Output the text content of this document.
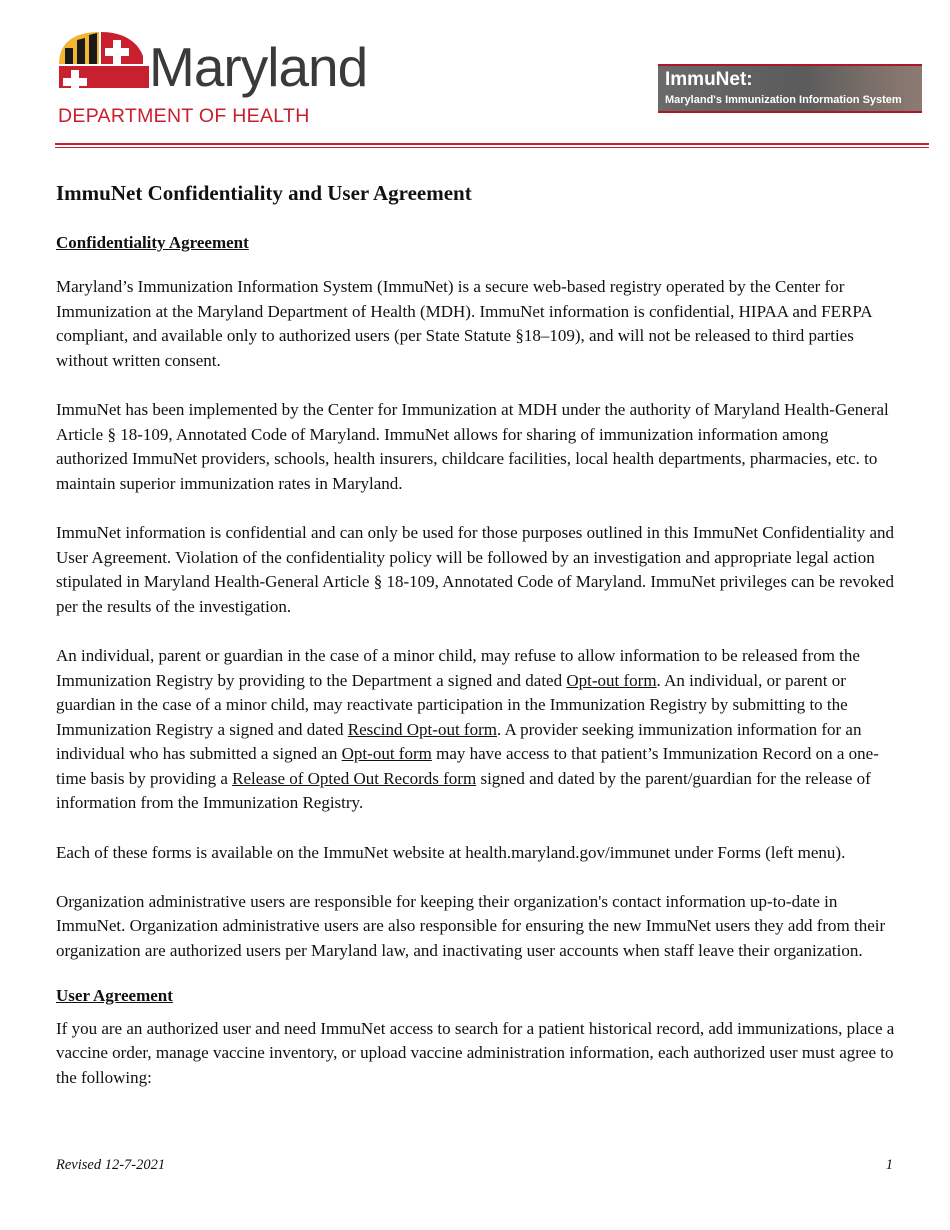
Maryland
DEPARTMENT OF HEALTH
ImmuNet:
Maryland's Immunization Information System
ImmuNet Confidentiality and User Agreement
Confidentiality Agreement

Maryland’s Immunization Information System (ImmuNet) is a secure web-based registry operated by the Center for Immunization at the Maryland Department of Health (MDH). ImmuNet information is confidential, HIPAA and FERPA compliant, and available only to authorized users (per State Statute §18–109), and will not be released to third parties without written consent.

ImmuNet has been implemented by the Center for Immunization at MDH under the authority of Maryland Health-General Article § 18-109, Annotated Code of Maryland. ImmuNet allows for sharing of immunization information among authorized ImmuNet providers, schools, health insurers, childcare facilities, local health departments, pharmacies, etc. to maintain superior immunization rates in Maryland.

ImmuNet information is confidential and can only be used for those purposes outlined in this ImmuNet Confidentiality and User Agreement. Violation of the confidentiality policy will be followed by an investigation and appropriate legal action stipulated in Maryland Health-General Article § 18-109, Annotated Code of Maryland. ImmuNet privileges can be revoked per the results of the investigation.

An individual, parent or guardian in the case of a minor child, may refuse to allow information to be released from the Immunization Registry by providing to the Department a signed and dated Opt-out form. An individual, or parent or guardian in the case of a minor child, may reactivate participation in the Immunization Registry by submitting to the Immunization Registry a signed and dated Rescind Opt-out form. A provider seeking immunization information for an individual who has submitted a signed an Opt-out form may have access to that patient’s Immunization Record on a one-time basis by providing a Release of Opted Out Records form signed and dated by the parent/guardian for the release of information from the Immunization Registry.

Each of these forms is available on the ImmuNet website at health.maryland.gov/immunet under Forms (left menu).

Organization administrative users are responsible for keeping their organization's contact information up-to-date in ImmuNet. Organization administrative users are also responsible for ensuring the new ImmuNet users they add from their organization are authorized users per Maryland law, and inactivating user accounts when staff leave their organization.

User Agreement

If you are an authorized user and need ImmuNet access to search for a patient historical record, add immunizations, place a vaccine order, manage vaccine inventory, or upload vaccine administration information, each authorized user must agree to the following:

Revised 12-7-2021	1
